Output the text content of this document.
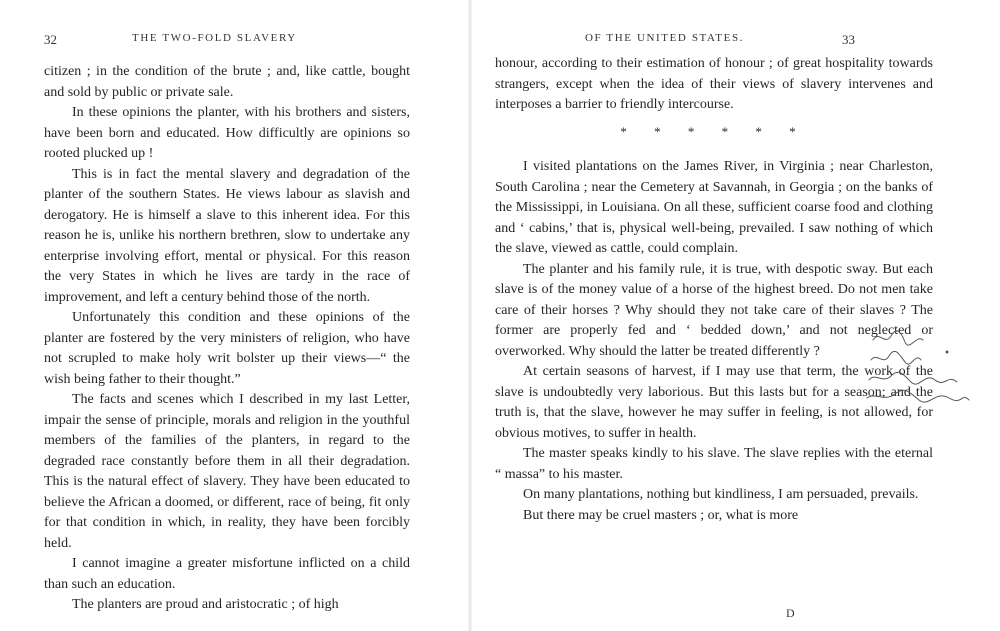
32	THE TWO-FOLD SLAVERY

citizen ; in the condition of the brute ; and, like cattle, bought and sold by public or private sale.

In these opinions the planter, with his brothers and sisters, have been born and educated. How difficultly are opinions so rooted plucked up !

This is in fact the mental slavery and degradation of the planter of the southern States. He views labour as slavish and derogatory. He is himself a slave to this inherent idea. For this reason he is, unlike his northern brethren, slow to undertake any enterprise involving effort, mental or physical. For this reason the very States in which he lives are tardy in the race of improvement, and left a century behind those of the north.

Unfortunately this condition and these opinions of the planter are fostered by the very ministers of religion, who have not scrupled to make holy writ bolster up their views—“ the wish being father to their thought.”

The facts and scenes which I described in my last Letter, impair the sense of principle, morals and religion in the youthful members of the families of the planters, in regard to the degraded race constantly before them in all their degradation. This is the natural effect of slavery. They have been educated to believe the African a doomed, or different, race of being, fit only for that condition in which, in reality, they have been forcibly held.

I cannot imagine a greater misfortune inflicted on a child than such an education.

The planters are proud and aristocratic ; of high

OF THE UNITED STATES.	33

honour, according to their estimation of honour ; of great hospitality towards strangers, except when the idea of their views of slavery intervenes and interposes a barrier to friendly intercourse.

* * * * * *

I visited plantations on the James River, in Virginia ; near Charleston, South Carolina ; near the Cemetery at Savannah, in Georgia ; on the banks of the Mississippi, in Louisiana. On all these, sufficient coarse food and clothing and ‘ cabins,’ that is, physical well-being, prevailed. I saw nothing of which the slave, viewed as cattle, could complain.

The planter and his family rule, it is true, with despotic sway. But each slave is of the money value of a horse of the highest breed. Do not men take care of their horses ? Why should they not take care of their slaves ? The former are properly fed and ‘ bedded down,’ and not neglected or overworked. Why should the latter be treated differently ?

At certain seasons of harvest, if I may use that term, the work of the slave is undoubtedly very laborious. But this lasts but for a season; and the truth is, that the slave, however he may suffer in feeling, is not allowed, for obvious motives, to suffer in health.

The master speaks kindly to his slave. The slave replies with the eternal “ massa” to his master.

On many plantations, nothing but kindliness, I am persuaded, prevails.

But there may be cruel masters ; or, what is more

D
